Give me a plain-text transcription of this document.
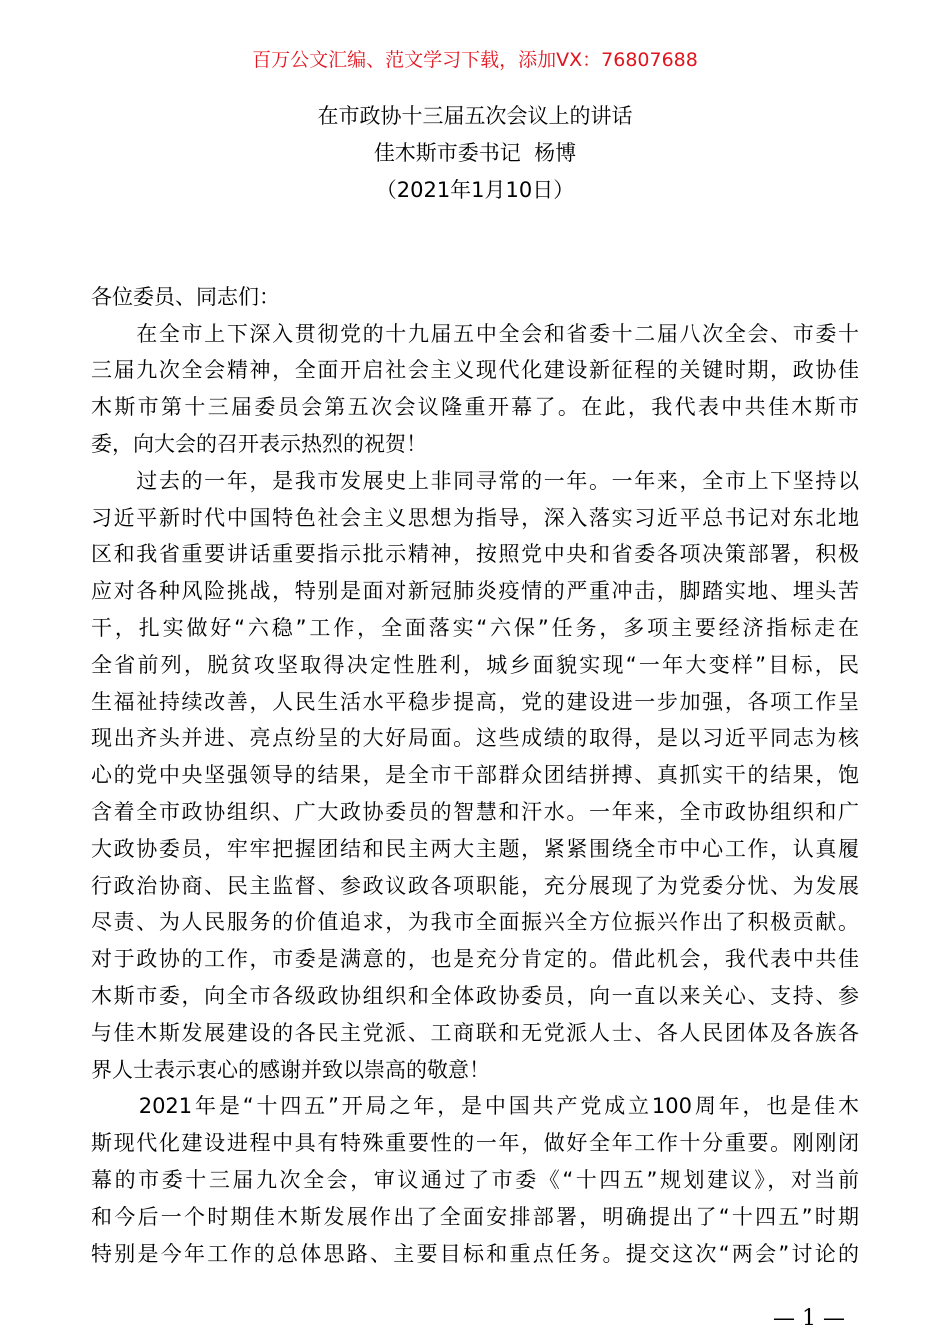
百万公文汇编、范文学习下载，添加VX：76807688
在市政协十三届五次会议上的讲话
佳木斯市委书记  杨博
（2021年1月10日）
各位委员、同志们：
　　在全市上下深入贯彻党的十九届五中全会和省委十二届八次全会、市委十
三届九次全会精神，全面开启社会主义现代化建设新征程的关键时期，政协佳
木斯市第十三届委员会第五次会议隆重开幕了。在此，我代表中共佳木斯市
委，向大会的召开表示热烈的祝贺！
　　过去的一年，是我市发展史上非同寻常的一年。一年来，全市上下坚持以
习近平新时代中国特色社会主义思想为指导，深入落实习近平总书记对东北地
区和我省重要讲话重要指示批示精神，按照党中央和省委各项决策部署，积极
应对各种风险挑战，特别是面对新冠肺炎疫情的严重冲击，脚踏实地、埋头苦
干，扎实做好“六稳”工作，全面落实“六保”任务，多项主要经济指标走在
全省前列，脱贫攻坚取得决定性胜利，城乡面貌实现“一年大变样”目标，民
生福祉持续改善，人民生活水平稳步提高，党的建设进一步加强，各项工作呈
现出齐头并进、亮点纷呈的大好局面。这些成绩的取得，是以习近平同志为核
心的党中央坚强领导的结果，是全市干部群众团结拼搏、真抓实干的结果，饱
含着全市政协组织、广大政协委员的智慧和汗水。一年来，全市政协组织和广
大政协委员，牢牢把握团结和民主两大主题，紧紧围绕全市中心工作，认真履
行政治协商、民主监督、参政议政各项职能，充分展现了为党委分忧、为发展
尽责、为人民服务的价值追求，为我市全面振兴全方位振兴作出了积极贡献。
对于政协的工作，市委是满意的，也是充分肯定的。借此机会，我代表中共佳
木斯市委，向全市各级政协组织和全体政协委员，向一直以来关心、支持、参
与佳木斯发展建设的各民主党派、工商联和无党派人士、各人民团体及各族各
界人士表示衷心的感谢并致以崇高的敬意！
　　2021年是“十四五”开局之年，是中国共产党成立100周年，也是佳木
斯现代化建设进程中具有特殊重要性的一年，做好全年工作十分重要。刚刚闭
幕的市委十三届九次全会，审议通过了市委《“十四五”规划建议》，对当前
和今后一个时期佳木斯发展作出了全面安排部署，明确提出了“十四五”时期
特别是今年工作的总体思路、主要目标和重点任务。提交这次“两会”讨论的
— 1 —
